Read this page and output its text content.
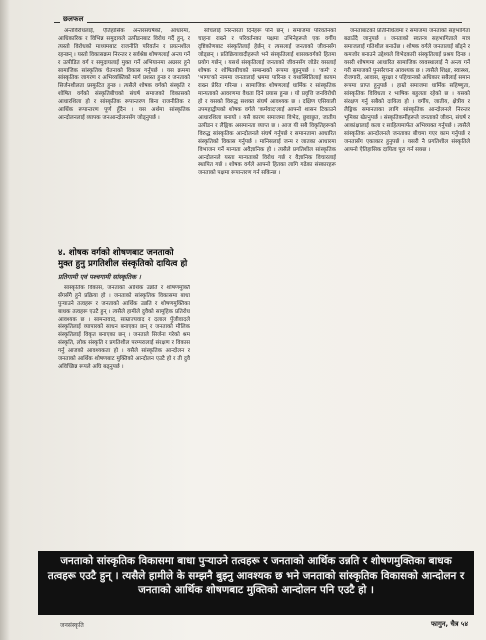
छलफल

अन्तर्विरोधलाई, ऐतिहासिक अन्तरसंघर्षको, आधारमा, आधिकारिक र विभिन्न समुदायले उत्पीडनबाट विरोध गर्दै हुन्, र त्यस्तो विरोधको माध्यमबाट राजनीति परिवर्तन र प्रयत्नशील रहन्छन् । यस्तो विकासक्रम निरन्तर र सर्वश्रेष्ठ शोषणलाई अन्त्य गर्ने र उत्पीडित वर्ग र समुदायलाई मुक्त गर्ने अभियानमा अग्रसर हुने सामाजिक सांस्कृतिक चेतनाको विकास गर्नुपर्छ । यस क्रममा सांस्कृतिक जागरण र अभिव्यक्तिको मार्ग प्रशस्त हुन्छ र जनताको सिर्जनशीलता प्रस्फुटित हुन्छ । त्यसैले शोषक वर्गको संस्कृति र शोषित वर्गको संस्कृतिबीचको संघर्ष समाजको विकासको आधारशिला हो र सांस्कृतिक रूपान्तरण बिना राजनीतिक र आर्थिक रूपान्तरण पूर्ण हुँदैन । यस अर्थमा सांस्कृतिक आन्दोलनलाई व्यापक जनआन्दोलनसँग जोड्नुपर्छ ।

४. शोषक वर्गको शोषणबाट जनताको मुक्त हुनु प्रगतिशील संस्कृतिको दायित्व हो
प्रतिगामी एवं पश्चगामी सांस्कृतिक ।

सांस्कृतिक विकास, जनताको आर्थिक उन्नति र शोषणमुक्ति सँगसँगै हुने प्रक्रिया हो । जनताको सांस्कृतिक विकासमा बाधा पुऱ्याउने तत्वहरू र जनताको आर्थिक उन्नति र शोषणमुक्तिका बाधक तत्वहरू एउटै हुन् । त्यसैले हामीले दुवैको सामूहिक प्रतिरोध आवश्यक छ । सामन्तवाद, साम्राज्यवाद र दलाल पुँजीवादले संस्कृतिलाई व्यापारको साधन बनाएका छन् र जनताको मौलिक संस्कृतिलाई विकृत बनाएका छन् । जनताले सिर्जना गरेको श्रम संस्कृति, लोक संस्कृति र प्रगतिशील परम्परालाई संरक्षण र विकास गर्नु आजको आवश्यकता हो । यसैले सांस्कृतिक आन्दोलन र जनताको आर्थिक शोषणबाट मुक्तिको आन्दोलन एउटै हो र ती दुवै अविच्छिन्न रूपले अघि बढ्नुपर्छ ।

सोचलाई निरन्तरता दिनेहरू पनि छन् । समाजमा परिवर्तनको चाहना राख्ने र परिवर्तनका पक्षमा उभिनेहरूले एक वर्गीय दृष्टिकोणबाट संस्कृतिलाई हेर्छन् र त्यसलाई जनताको जीवनसँग जोड्छन् । प्रतिक्रियावादीहरूले भने संस्कृतिलाई शासकवर्गको हितमा प्रयोग गर्छन् । यसर्थ संस्कृतिलाई जनताको जीवनसँग जोडेर यसलाई शोषक र शोषितबीचको सम्बन्धको रूपमा बुझ्नुपर्छ । 'कर्म' र 'भाग्य'को नाममा जनतालाई भ्रममा पारिन्छ र यथास्थितिलाई कायम राख्न प्रेरित गरिन्छ । सामाजिक शोषणलाई धार्मिक र सांस्कृतिक मान्यताको आवरणमा वैधता दिने प्रयास हुन्छ । यो प्रवृत्ति जनविरोधी हो र यसको विरुद्ध सशक्त संघर्ष आवश्यक छ । दक्षिण एसियाली उपमहाद्वीपको शोषक वर्गले 'कर्मवाद'लाई आफ्नो शासन टिकाउने आधारशिला बनायो । यसै कारण समाजमा विभेद, छुवाछुत, जातीय उत्पीडन र लैङ्गिक असमानता व्याप्त छ । आज यी सबै विकृतिहरूको विरुद्ध सांस्कृतिक आन्दोलनले संघर्ष गर्नुपर्छ र समानतामा आधारित संस्कृतिको विकास गर्नुपर्छ । मानिसलाई जन्म र जातका आधारमा विभाजन गर्ने मान्यता अवैज्ञानिक हो । त्यसैले प्रगतिशील सांस्कृतिक आन्दोलनले यस्ता मान्यताको विरोध गर्छ र वैज्ञानिक विचारलाई स्थापित गर्छ । शोषक वर्गले आफ्नो हितका लागि गढेका संस्कारहरू जनताको पक्षमा रूपान्तरण गर्न सकिन्छ ।

जनताबाटको प्रतिनिधित्वमा र समाजमा जनताको सहभागिता बढाउँदै जानुपर्छ । जनताको स्वतन्त्र सहभागिताले मात्र समाजलाई गतिशील बनाउँछ । शोषक वर्गले जनतालाई बाँड्ने र कमजोर बनाउने उद्देश्यले विभेदकारी संस्कृतिलाई प्रश्रय दिन्छ । यसरी शोषणमा आधारित सामाजिक व्यवस्थालाई नै अन्त्य गर्ने गरी समाजको पुनर्संरचना आवश्यक छ । त्यसैले शिक्षा, स्वास्थ्य, रोजगारी, आवास, सुरक्षा र पहिचानको अधिकार सबैलाई समान रूपमा प्राप्त हुनुपर्छ । हाम्रो समाजमा धार्मिक सहिष्णुता, सांस्कृतिक विविधता र भाषिक बहुलता रहेको छ । यसको संरक्षण गर्नु सबैको दायित्व हो । वर्गीय, जातीय, क्षेत्रीय र लैङ्गिक समानताका लागि सांस्कृतिक आन्दोलनले निरन्तर भूमिका खेल्नुपर्छ । संस्कृतिकर्मीहरूले जनताको जीवन, संघर्ष र आकांक्षालाई कला र साहित्यमार्फत अभिव्यक्त गर्नुपर्छ । त्यसैले सांस्कृतिक आन्दोलनले जनताका बीचमा गएर काम गर्नुपर्छ र जनतासँग एकाकार हुनुपर्छ । यसरी नै प्रगतिशील संस्कृतिले आफ्नो ऐतिहासिक दायित्व पूरा गर्न सक्छ ।

जनताको सांस्कृतिक विकासमा बाधा पुऱ्याउने तत्वहरू र जनताको आर्थिक उन्नति र शोषणमुक्तिका बाधक तत्वहरू एउटै हुन् । त्यसैले हामीले के सम्झनै बुझ्नु आवश्यक छ भने जनताको सांस्कृतिक विकासको आन्दोलन र जनताको आर्थिक शोषणबाट मुक्तिको आन्दोलन पनि एउटै हो ।
जनसंस्कृति	फागुन, चैत्र ५४
